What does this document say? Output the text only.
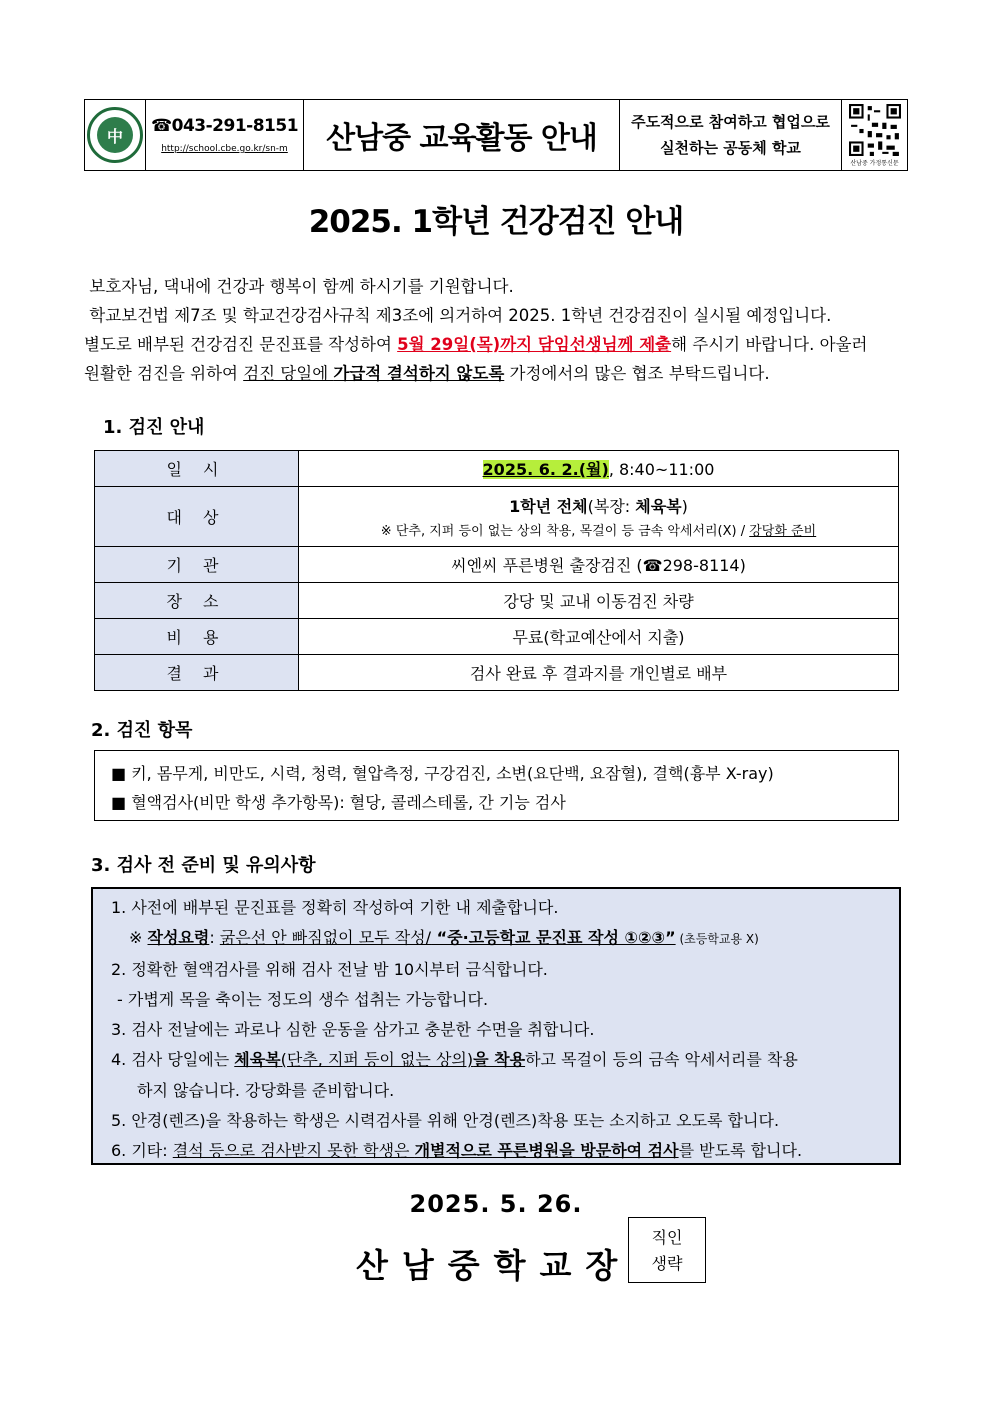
中	☎043-291-8151
http://school.cbe.go.kr/sn-m	산남중 교육활동 안내	주도적으로 참여하고 협업으로
실천하는 공동체 학교
산남중 가정통신문
2025. 1학년 건강검진 안내

보호자님, 댁내에 건강과 행복이 함께 하시기를 기원합니다.

학교보건법 제7조 및 학교건강검사규칙 제3조에 의거하여 2025. 1학년 건강검진이 실시될 예정입니다.

별도로 배부된 건강검진 문진표를 작성하여 5월 29일(목)까지 담임선생님께 제출해 주시기 바랍니다. 아울러

원활한 검진을 위하여 검진 당일에 가급적 결석하지 않도록 가정에서의 많은 협조 부탁드립니다.

1. 검진 안내
일 시	2025. 6. 2.(월), 8:40~11:00
대 상	1학년 전체(복장: 체육복)
※ 단추, 지퍼 등이 없는 상의 착용, 목걸이 등 금속 악세서리(X) / 강당화 준비

기 관	씨엔씨 푸른병원 출장검진 (☎298-8114)
장 소	강당 및 교내 이동검진 차량
비 용	무료(학교예산에서 지출)
결 과	검사 완료 후 결과지를 개인별로 배부
2. 검진 항목
■ 키, 몸무게, 비만도, 시력, 청력, 혈압측정, 구강검진, 소변(요단백, 요잠혈), 결핵(흉부 X-ray)
■ 혈액검사(비만 학생 추가항목): 혈당, 콜레스테롤, 간 기능 검사
3. 검사 전 준비 및 유의사항

1. 사전에 배부된 문진표를 정확히 작성하여 기한 내 제출합니다.

※ 작성요령: 굵은선 안 빠짐없이 모두 작성/ “중·고등학교 문진표 작성 ①②③” (초등학교용 X)

2. 정확한 혈액검사를 위해 검사 전날 밤 10시부터 금식합니다.

- 가볍게 목을 축이는 정도의 생수 섭취는 가능합니다.

3. 검사 전날에는 과로나 심한 운동을 삼가고 충분한 수면을 취합니다.

4. 검사 당일에는 체육복(단추, 지퍼 등이 없는 상의)을 착용하고 목걸이 등의 금속 악세서리를 착용

하지 않습니다. 강당화를 준비합니다.

5. 안경(렌즈)을 착용하는 학생은 시력검사를 위해 안경(렌즈)착용 또는 소지하고 오도록 합니다.

6. 기타: 결석 등으로 검사받지 못한 학생은 개별적으로 푸른병원을 방문하여 검사를 받도록 합니다.

2025. 5. 26.
산남중학교장
직인
생략
